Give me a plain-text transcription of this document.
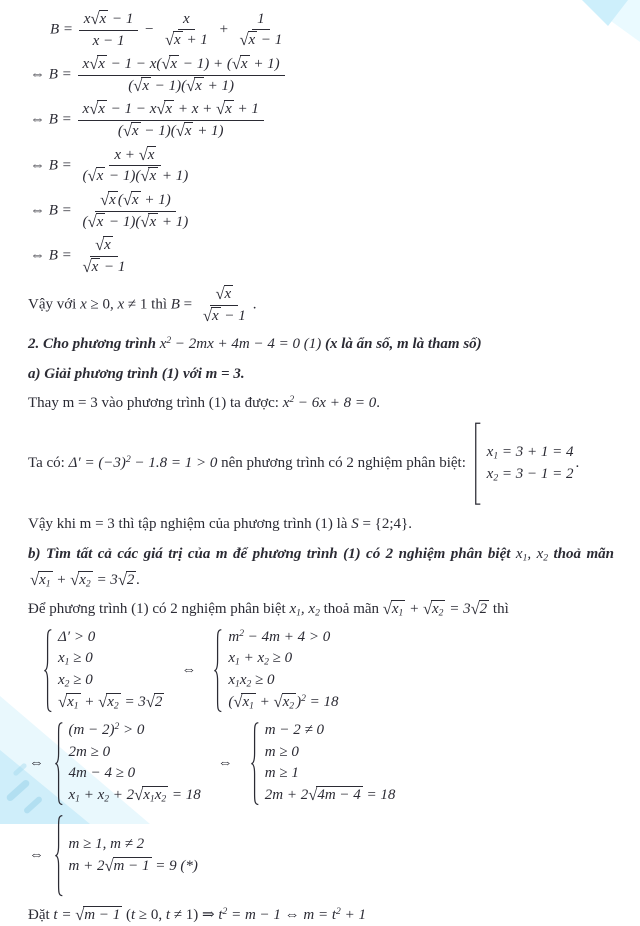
$B = \frac{x √ x - 1}{x - 1} - \frac{x}{√ x + 1} + \frac{1}{√ x - 1}$
⇔ $B = \frac{x √ x - 1 - x( √ x - 1) + ( √ x + 1)}{( √ x - 1)( √ x + 1)}$
⇔ $B = \frac{x √ x - 1 - x √ x + x + √ x + 1}{( √ x - 1)( √ x + 1)}$
⇔ $B = \frac{x + √ x}{( √ x - 1)( √ x + 1)}$
⇔ $B = \frac{√ x ( √ x + 1)}{( √ x - 1)( √ x + 1)}$
⇔ $B = \frac{√ x}{√ x - 1}$
Vậy với x ≥ 0, x ≠ 1 thì $B = \frac{√ x}{√ x - 1}$ .
2. Cho phương trình $x^2 - 2mx + 4m - 4 = 0$ (1) (x là ẩn số, m là tham số)
a) Giải phương trình (1) với m = 3.
Thay m = 3 vào phương trình (1) ta được: $x^2 - 6x + 8 = 0$.
Ta có: $\Delta' = (-3)^2 - 1.8 = 1 > 0$ nên phương trình có 2 nghiệm phân biệt:
x1 = 3 + 1 = 4
x2 = 3 − 1 = 2
.
Vậy khi m = 3 thì tập nghiệm của phương trình (1) là S = {2;4}.
b) Tìm tất cả các giá trị của m để phương trình (1) có 2 nghiệm phân biệt x1, x2 thoả mãn
√ x1 + √ x2 = 3 √ 2 .
Để phương trình (1) có 2 nghiệm phân biệt x1, x2 thoả mãn √ x1 + √ x2 = 3 √ 2 thì
Δ′ > 0
x1 ≥ 0
x2 ≥ 0
√ x1 + √ x2 = 3 √ 2
 ⇔ 
$m^2 - 4m + 4 > 0$
x1 + x2 ≥ 0
x1x2 ≥ 0
( √ x1 + √ x2 )$^2$ = 18
⇔ 
$(m - 2)^2 > 0$
2m ≥ 0
4m − 4 ≥ 0
x1 + x2 + 2 √ x1x2 = 18
 ⇔ 
m − 2 ≠ 0
m ≥ 0
m ≥ 1
2m + 2 √ 4m − 4 = 18
⇔ 
m ≥ 1, m ≠ 2
m + 2 √ m − 1 = 9 (*)
Đặt t = √ m − 1 (t ≥ 0, t ≠ 1) ⇒ $t^2 = m - 1$ ⇔ $m = t^2 + 1$
